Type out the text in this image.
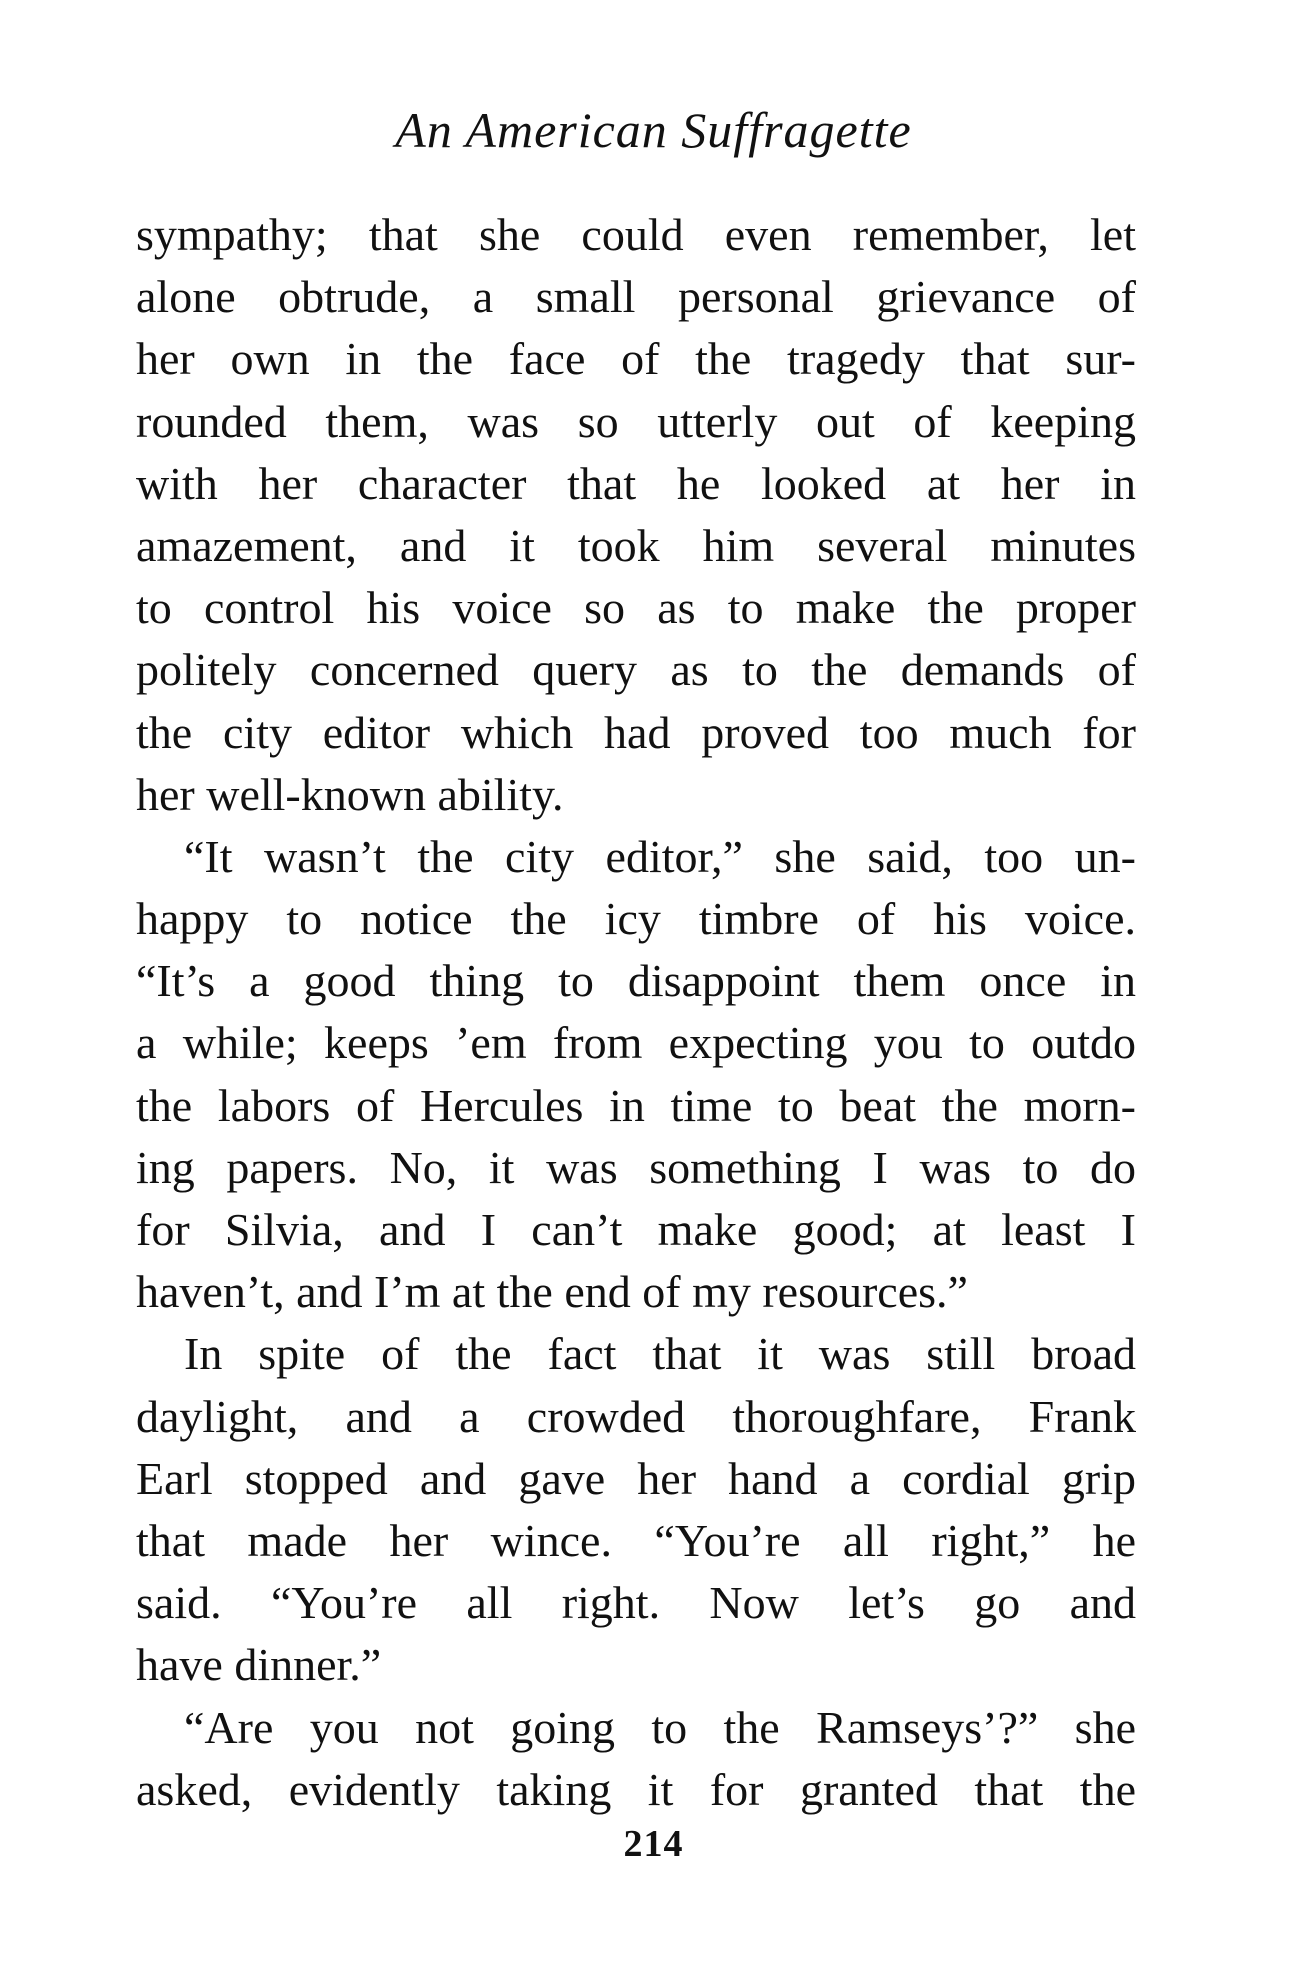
An American Suffragette
sympathy; that she could even remember, let
alone obtrude, a small personal grievance of
her own in the face of the tragedy that sur-
rounded them, was so utterly out of keeping
with her character that he looked at her in
amazement, and it took him several minutes
to control his voice so as to make the proper
politely concerned query as to the demands of
the city editor which had proved too much for
her well-known ability.
“It wasn’t the city editor,” she said, too un-
happy to notice the icy timbre of his voice.
“It’s a good thing to disappoint them once in
a while; keeps ’em from expecting you to outdo
the labors of Hercules in time to beat the morn-
ing papers. No, it was something I was to do
for Silvia, and I can’t make good; at least I
haven’t, and I’m at the end of my resources.”
In spite of the fact that it was still broad
daylight, and a crowded thoroughfare, Frank
Earl stopped and gave her hand a cordial grip
that made her wince. “You’re all right,” he
said. “You’re all right. Now let’s go and
have dinner.”
“Are you not going to the Ramseys’?” she
asked, evidently taking it for granted that the
214
